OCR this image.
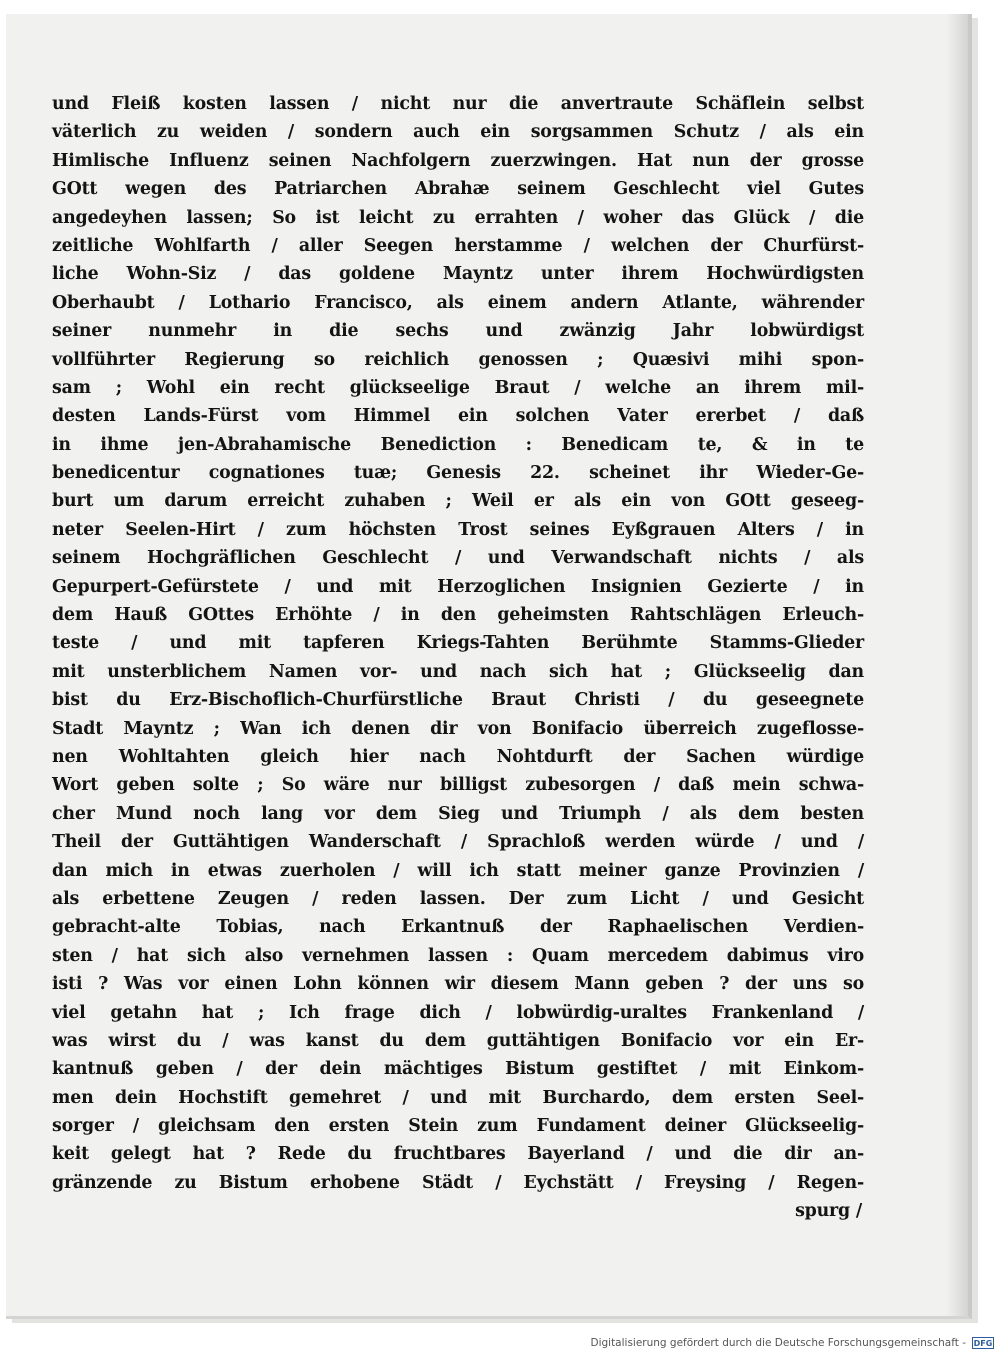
und Fleiß kosten lassen / nicht nur die anvertraute Schäflein selbst
väterlich zu weiden / sondern auch ein sorgsammen Schutz / als ein
Himlische Influenz seinen Nachfolgern zuerzwingen. Hat nun der grosse
GOtt wegen des Patriarchen Abrahæ seinem Geschlecht viel Gutes
angedeyhen lassen; So ist leicht zu errahten / woher das Glück / die
zeitliche Wohlfarth / aller Seegen herstamme / welchen der Churfürst-
liche Wohn-Siz / das goldene Mayntz unter ihrem Hochwürdigsten
Oberhaubt / Lothario Francisco, als einem andern Atlante, währender
seiner nunmehr in die sechs und zwänzig Jahr lobwürdigst
vollführter Regierung so reichlich genossen ; Quæsivi mihi spon-
sam ; Wohl ein recht glückseelige Braut / welche an ihrem mil-
desten Lands-Fürst vom Himmel ein solchen Vater ererbet / daß
in ihme jen-Abrahamische Benediction : Benedicam te, & in te
benedicentur cognationes tuæ; Genesis 22. scheinet ihr Wieder-Ge-
burt um darum erreicht zuhaben ; Weil er als ein von GOtt geseeg-
neter Seelen-Hirt / zum höchsten Trost seines Eyßgrauen Alters / in
seinem Hochgräflichen Geschlecht / und Verwandschaft nichts / als
Gepurpert-Gefürstete / und mit Herzoglichen Insignien Gezierte / in
dem Hauß GOttes Erhöhte / in den geheimsten Rahtschlägen Erleuch-
teste / und mit tapferen Kriegs-Tahten Berühmte Stamms-Glieder
mit unsterblichem Namen vor- und nach sich hat ; Glückseelig dan
bist du Erz-Bischoflich-Churfürstliche Braut Christi / du geseegnete
Stadt Mayntz ; Wan ich denen dir von Bonifacio überreich zugeflosse-
nen Wohltahten gleich hier nach Nohtdurft der Sachen würdige
Wort geben solte ; So wäre nur billigst zubesorgen / daß mein schwa-
cher Mund noch lang vor dem Sieg und Triumph / als dem besten
Theil der Guttähtigen Wanderschaft / Sprachloß werden würde / und /
dan mich in etwas zuerholen / will ich statt meiner ganze Provinzien /
als erbettene Zeugen / reden lassen. Der zum Licht / und Gesicht
gebracht-alte Tobias, nach Erkantnuß der Raphaelischen Verdien-
sten / hat sich also vernehmen lassen : Quam mercedem dabimus viro
isti ? Was vor einen Lohn können wir diesem Mann geben ? der uns so
viel getahn hat ; Ich frage dich / lobwürdig-uraltes Frankenland /
was wirst du / was kanst du dem guttähtigen Bonifacio vor ein Er-
kantnuß geben / der dein mächtiges Bistum gestiftet / mit Einkom-
men dein Hochstift gemehret / und mit Burchardo, dem ersten Seel-
sorger / gleichsam den ersten Stein zum Fundament deiner Glückseelig-
keit gelegt hat ? Rede du fruchtbares Bayerland / und die dir an-
gränzende zu Bistum erhobene Städt / Eychstätt / Freysing / Regen-
spurg /
Digitalisierung gefördert durch die Deutsche Forschungsgemeinschaft - DFG
